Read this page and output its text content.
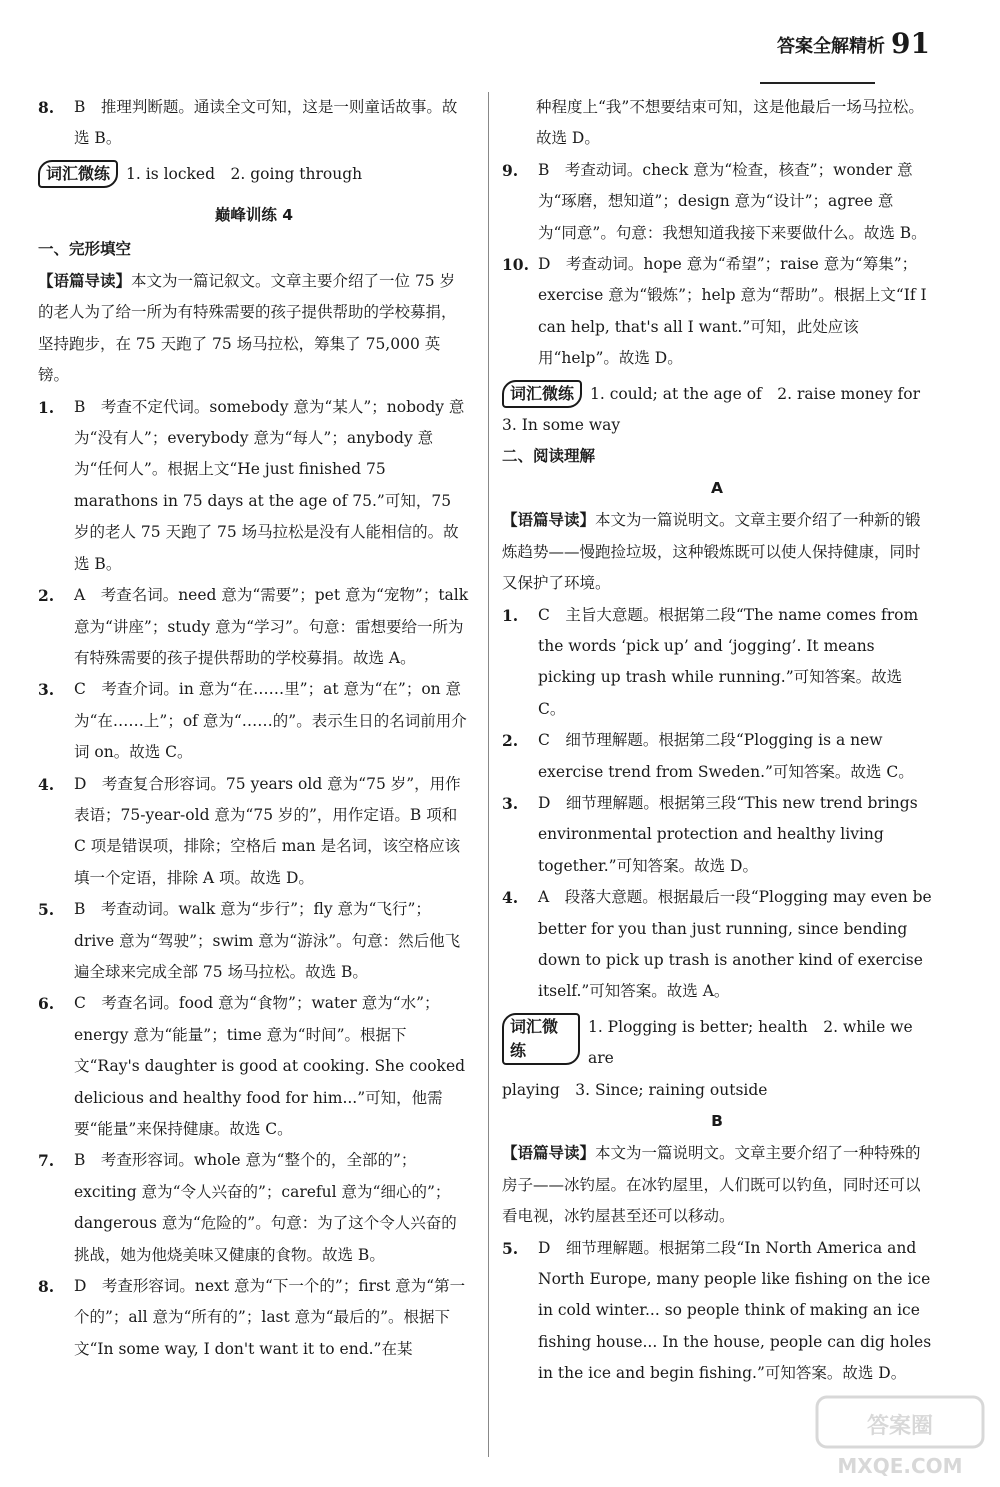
答案全解精析 91
8.	B　推理判断题。通读全文可知，这是一则童话故事。故选 B。
词汇微练	1. is locked　2. going through
巅峰训练 4
一、完形填空
【语篇导读】本文为一篇记叙文。文章主要介绍了一位 75 岁的老人为了给一所为有特殊需要的孩子提供帮助的学校募捐，坚持跑步，在 75 天跑了 75 场马拉松，筹集了 75,000 英镑。
1.	B　考查不定代词。somebody 意为“某人”；nobody 意为“没有人”；everybody 意为“每人”；anybody 意为“任何人”。根据上文“He just finished 75 marathons in 75 days at the age of 75.”可知，75 岁的老人 75 天跑了 75 场马拉松是没有人能相信的。故选 B。
2.	A　考查名词。need 意为“需要”；pet 意为“宠物”；talk 意为“讲座”；study 意为“学习”。句意：雷想要给一所为有特殊需要的孩子提供帮助的学校募捐。故选 A。
3.	C　考查介词。in 意为“在……里”；at 意为“在”；on 意为“在……上”；of 意为“……的”。表示生日的名词前用介词 on。故选 C。
4.	D　考查复合形容词。75 years old 意为“75 岁”，用作表语；75-year-old 意为“75 岁的”，用作定语。B 项和 C 项是错误项，排除；空格后 man 是名词，该空格应该填一个定语，排除 A 项。故选 D。
5.	B　考查动词。walk 意为“步行”；fly 意为“飞行”；drive 意为“驾驶”；swim 意为“游泳”。句意：然后他飞遍全球来完成全部 75 场马拉松。故选 B。
6.	C　考查名词。food 意为“食物”；water 意为“水”；energy 意为“能量”；time 意为“时间”。根据下文“Ray's daughter is good at cooking. She cooked delicious and healthy food for him...”可知，他需要“能量”来保持健康。故选 C。
7.	B　考查形容词。whole 意为“整个的，全部的”；exciting 意为“令人兴奋的”；careful 意为“细心的”；dangerous 意为“危险的”。句意：为了这个令人兴奋的挑战，她为他烧美味又健康的食物。故选 B。
8.	D　考查形容词。next 意为“下一个的”；first 意为“第一个的”；all 意为“所有的”；last 意为“最后的”。根据下文“In some way, I don't want it to end.”在某
种程度上“我”不想要结束可知，这是他最后一场马拉松。故选 D。
9.	B　考查动词。check 意为“检查，核查”；wonder 意为“琢磨，想知道”；design 意为“设计”；agree 意为“同意”。句意：我想知道我接下来要做什么。故选 B。
10. D　考查动词。hope 意为“希望”；raise 意为“筹集”；exercise 意为“锻炼”；help 意为“帮助”。根据上文“If I can help, that's all I want.”可知，此处应该用“help”。故选 D。
词汇微练	1. could; at the age of　2. raise money for
3. In some way
二、阅读理解
A
【语篇导读】本文为一篇说明文。文章主要介绍了一种新的锻炼趋势——慢跑捡垃圾，这种锻炼既可以使人保持健康，同时又保护了环境。
1.	C　主旨大意题。根据第二段“The name comes from the words ‘pick up’ and ‘jogging’. It means picking up trash while running.”可知答案。故选 C。
2.	C　细节理解题。根据第二段“Plogging is a new exercise trend from Sweden.”可知答案。故选 C。
3.	D　细节理解题。根据第三段“This new trend brings environmental protection and healthy living together.”可知答案。故选 D。
4.	A　段落大意题。根据最后一段“Plogging may even be better for you than just running, since bending down to pick up trash is another kind of exercise itself.”可知答案。故选 A。
词汇微练
1. Plogging is better; health　2. while we are
playing　3. Since; raining outside
B
【语篇导读】本文为一篇说明文。文章主要介绍了一种特殊的房子——冰钓屋。在冰钓屋里，人们既可以钓鱼，同时还可以看电视，冰钓屋甚至还可以移动。
5.	D　细节理解题。根据第二段“In North America and North Europe, many people like fishing on the ice in cold winter... so people think of making an ice fishing house... In the house, people can dig holes in the ice and begin fishing.”可知答案。故选 D。
答案圈
MXQE.COM
